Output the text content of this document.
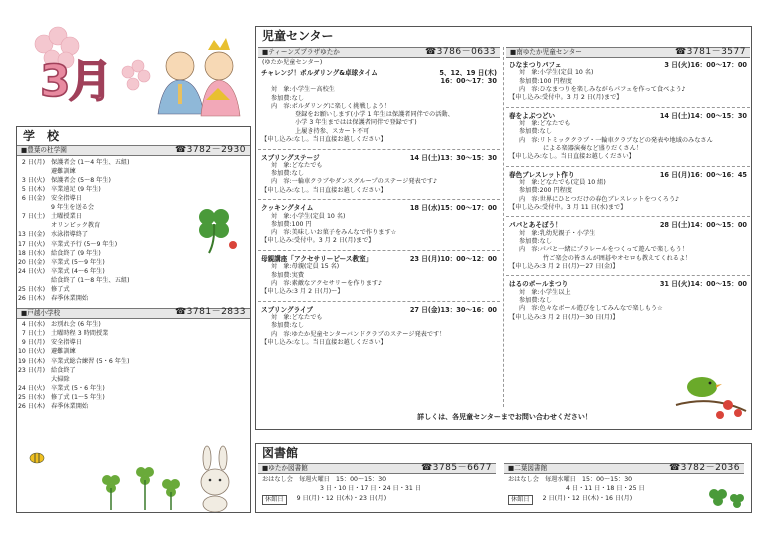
3月
学　校
■豊葉の杜学園	☎3782－2930
2 日(月) 保護者会 (1～4 年生、五組)
避難訓練
3 日(火) 保護者会 (5～8 年生)
5 日(木) 卒業遠足 (9 年生)
6 日(金) 安全指導日
9 年生を送る会
7 日(土) 土曜授業日
オリンピック教育
13 日(金) 水泳指導終了
17 日(火) 卒業式予行 (5～9 年生)
18 日(水) 給食終了 (9 年生)
20 日(金) 卒業式 (5～9 年生)
24 日(火) 卒業式 (4～6 年生)
給食終了 (1～8 年生、五組)
25 日(水) 修了式
26 日(木) 春季休業開始
■戸越小学校	☎3781－2833
4 日(水) お別れ会 (6 年生)
7 日(土) 土曜時程 3 時間授業
9 日(月) 安全指導日
10 日(火) 避難訓練
19 日(木) 卒業式総合練習 (5・6 年生)
23 日(月) 給食終了
大掃除
24 日(火) 卒業式 (5・6 年生)
25 日(水) 修了式 (1～5 年生)
26 日(木) 春季休業開始
児童センター
■ティーンズプラザゆたか	☎3786－0633
(ゆたか児童センター)
チャレンジ！ボルダリング&卓球タイム	5、12、19 日(木)
16：00～17：30
対　象:小学生～高校生
参加費:なし
内　容:ボルダリングに楽しく挑戦しよう！
登録をお願いします(小学 1 年生は保護者同伴での活動、
小学 3 年生まではは保護者同伴で登録です)
上履き持参、スカート不可
【申し込み:なし。当日直接お越しください】
スプリングステージ	14 日(土)13：30～15：30
対　象:どなたでも
参加費:なし
内　容:一輪車クラブやダンスグループのステージ発表です♪
【申し込み:なし。当日直接お越しください】
クッキングタイム	18 日(水)15：00～17：00
対　象:小学生(定員 10 名)
参加費:100 円
内　容:美味しいお菓子をみんなで作ります☆
【申し込み:受付中。3 月 2 日(月)まで】
母親講座「アクセサリーピース教室」	23 日(月)10：00～12：00
対　象:母親(定員 15 名)
参加費:実費
内　容:素敵なアクセサリーを作ります♪
【申し込み:3 月 2 日(月)～】
スプリングライブ	27 日(金)13：30～16：00
対　象:どなたでも
参加費:なし
内　容:ゆたか児童センターバンドクラブのステージ発表です！
【申し込み:なし。当日直接お越しください】
■南ゆたか児童センター	☎3781－3577
ひなまつりパフェ	3 日(火)16：00～17：00
対　象:小学生(定員 10 名)
参加費:100 円程度
内　容:ひなまつりを楽しみながらパフェを作って食べよう♪
【申し込み:受付中。3 月 2 日(月)まで】
春をよぶつどい	14 日(土)14：00～15：30
対　象:どなたでも
参加費:なし
内　容:リトミッククラブ・一輪車クラブなどの発表や地域のみなさん
による楽器演奏など盛りだくさん！
【申し込み:なし。当日直接お越しください】
春色ブレスレット作り	16 日(月)16：00～16：45
対　象:どなたでも(定員 10 組)
参加費:200 円程度
内　容:世界にひとつだけの春色ブレスレットをつくろう♪
【申し込み:受付中。3 月 11 日(水)まで】
パパとあそぼう！	28 日(土)14：00～15：00
対　象:乳幼児親子・小学生
参加費:なし
内　容:パパと一緒にプラレールをつくって遊んで楽しもう！
竹ご楽会の皆さんが囲碁やオセロも教えてくれるよ！
【申し込み:3 月 2 日(月)～27 日(金)】
はるのボールまつり	31 日(火)14：00～15：00
対　象:小学生以上
参加費:なし
内　容:色々なボール遊びをしてみんなで楽しもう☆
【申し込み:3 月 2 日(月)～30 日(月)】
詳しくは、各児童センターまでお問い合わせください！
図書館
■ゆたか図書館	☎3785－6677
おはなし会 毎週火曜日　15：00～15：30
3 日・10 日・17 日・24 日・31 日
休館日	9 日(月)・12 日(木)・23 日(月)
■二葉図書館	☎3782－2036
おはなし会 毎週水曜日　15：00～15：30
4 日・11 日・18 日・25 日
休館日	2 日(月)・12 日(木)・16 日(月)
